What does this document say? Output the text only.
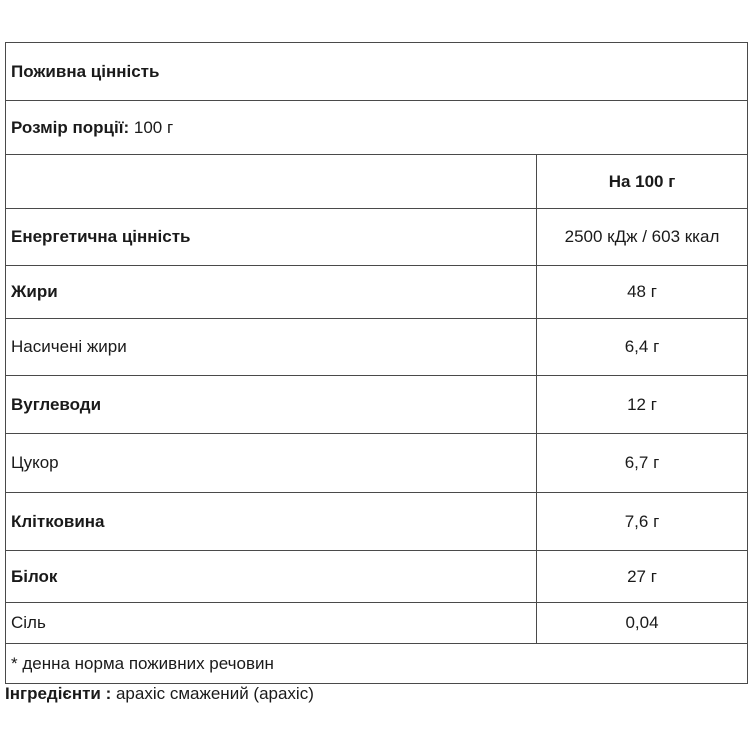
Поживна цінність
Розмір порції: 100 г
На 100 г
Енергетична цінність	2500 кДж / 603 ккал
Жири	48 г
Насичені жири	6,4 г
Вуглеводи	12 г
Цукор	6,7 г
Клітковина	7,6 г
Білок	27 г
Сіль	0,04
* денна норма поживних речовин
Інгредієнти : арахіс смажений (арахіс)
